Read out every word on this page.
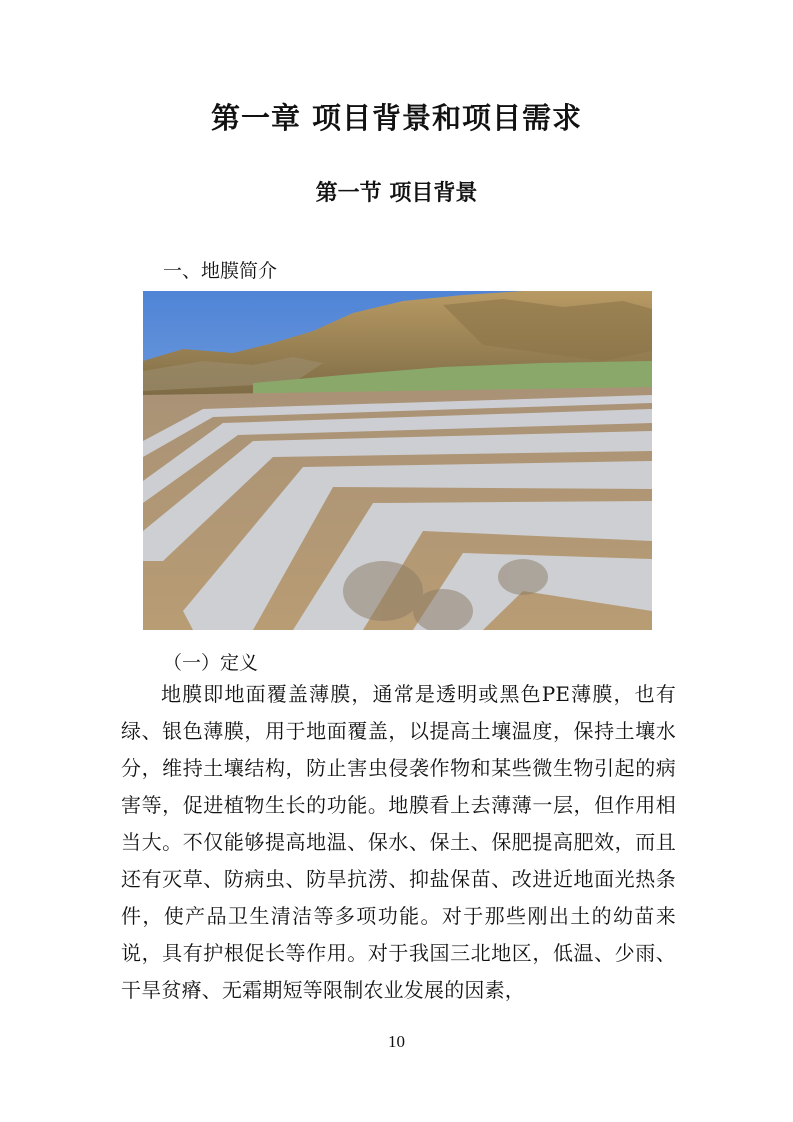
第一章 项目背景和项目需求
第一节 项目背景
一、地膜简介
（一）定义
地膜即地面覆盖薄膜，通常是透明或黑色PE薄膜，也有绿、银色薄膜，用于地面覆盖，以提高土壤温度，保持土壤水分，维持土壤结构，防止害虫侵袭作物和某些微生物引起的病害等，促进植物生长的功能。地膜看上去薄薄一层，但作用相当大。不仅能够提高地温、保水、保土、保肥提高肥效，而且还有灭草、防病虫、防旱抗涝、抑盐保苗、改进近地面光热条件，使产品卫生清洁等多项功能。对于那些刚出土的幼苗来说，具有护根促长等作用。对于我国三北地区，低温、少雨、干旱贫瘠、无霜期短等限制农业发展的因素，
10
